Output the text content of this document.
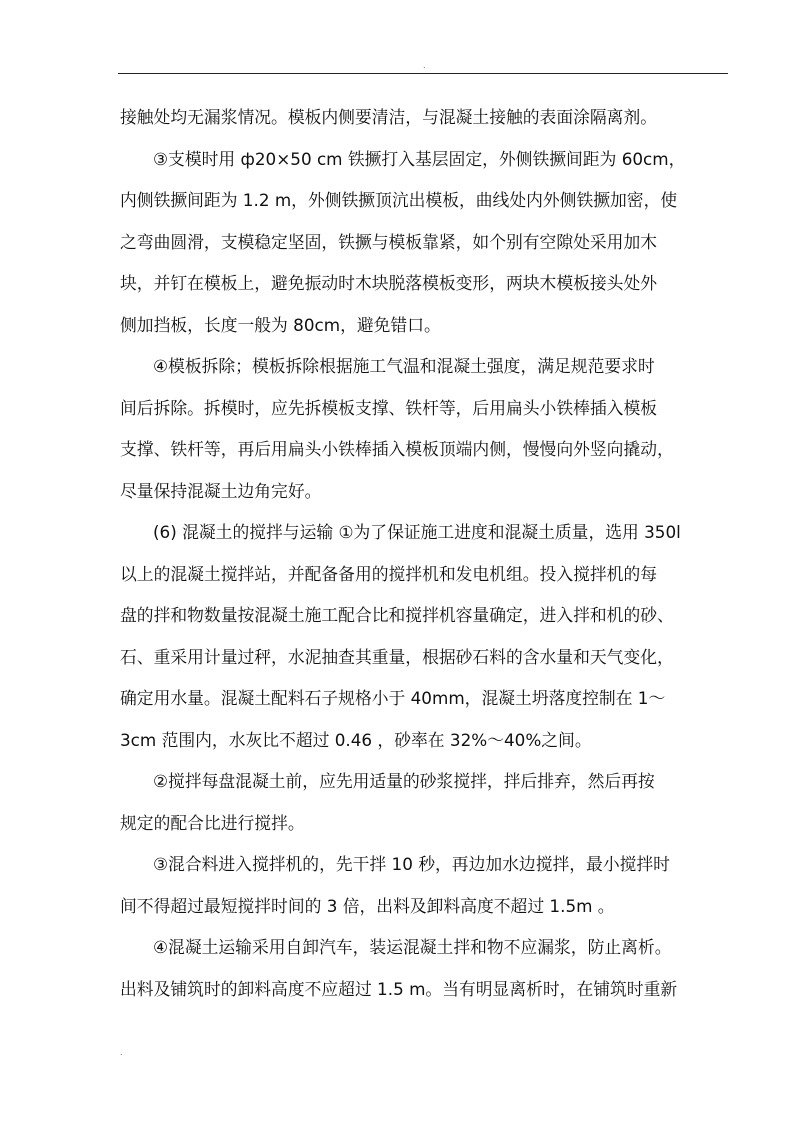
.
接触处均无漏浆情况。模板内侧要清洁，与混凝土接触的表面涂隔离剂。
③支模时用 ф20×50 cm 铁撅打入基层固定，外侧铁撅间距为 60cm，
内侧铁撅间距为 1.2 m，外侧铁撅顶沆出模板，曲线处内外侧铁撅加密，使
之弯曲圆滑，支模稳定坚固，铁撅与模板靠紧，如个别有空隙处采用加木
块，并钉在模板上，避免振动时木块脱落模板变形，两块木模板接头处外
侧加挡板，长度一般为 80cm，避免错口。
④模板拆除；模板拆除根据施工气温和混凝土强度，满足规范要求时
间后拆除。拆模时，应先拆模板支撑、铁杆等，后用扁头小铁棒插入模板
支撑、铁杆等，再后用扁头小铁棒插入模板顶端内侧，慢慢向外竖向撬动，
尽量保持混凝土边角完好。
(6) 混凝土的搅拌与运输 ①为了保证施工进度和混凝土质量，选用 350l
以上的混凝土搅拌站，并配备备用的搅拌机和发电机组。投入搅拌机的每
盘的拌和物数量按混凝土施工配合比和搅拌机容量确定，进入拌和机的砂、
石、重采用计量过秤，水泥抽查其重量，根据砂石料的含水量和天气变化，
确定用水量。混凝土配料石子规格小于 40mm，混凝土坍落度控制在 1～
3cm 范围内，水灰比不超过 0.46 ，砂率在 32%～40%之间。
②搅拌每盘混凝土前，应先用适量的砂浆搅拌，拌后排弃，然后再按
规定的配合比进行搅拌。
③混合料进入搅拌机的，先干拌 10 秒，再边加水边搅拌，最小搅拌时
间不得超过最短搅拌时间的 3 倍，出料及卸料高度不超过 1.5m 。
④混凝土运输采用自卸汽车，装运混凝土拌和物不应漏浆，防止离析。
出料及铺筑时的卸料高度不应超过 1.5 m。当有明显离析时，在铺筑时重新
.
